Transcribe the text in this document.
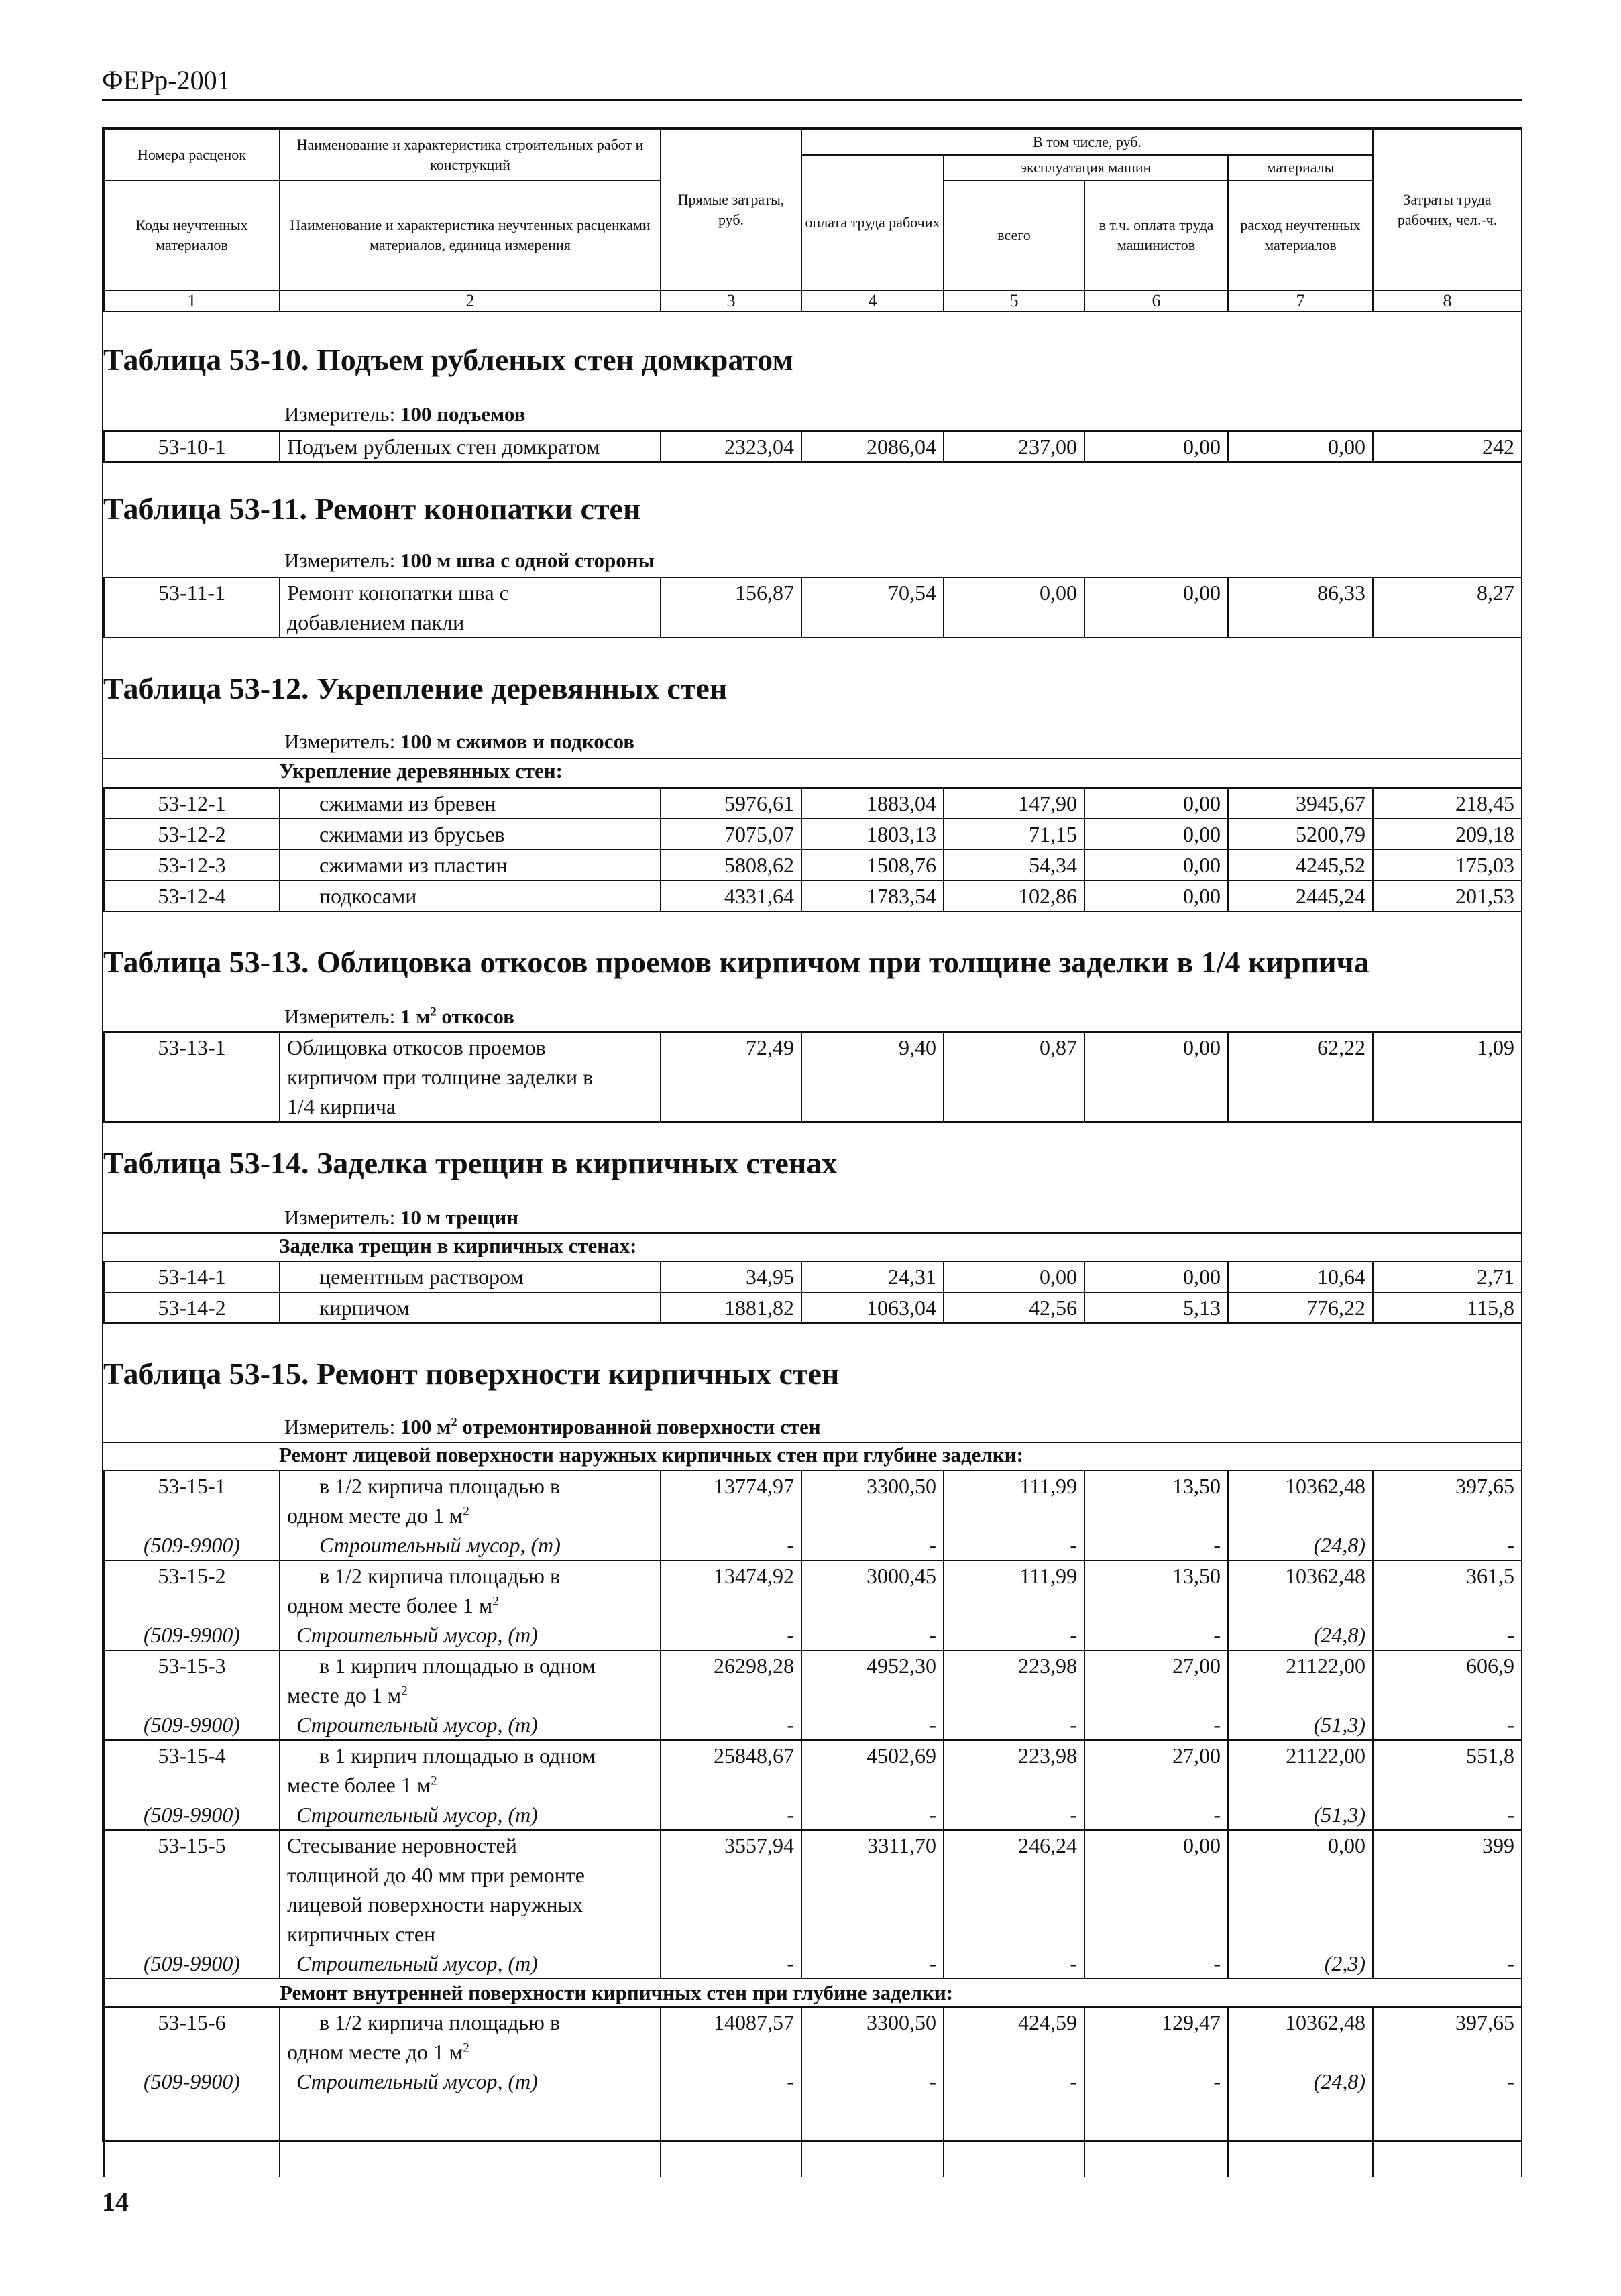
ФЕРр-2001
Номера расценок	Наименование и характеристика строительных работ и конструкций	Прямые затраты, руб.	В том числе, руб.				Затраты труда рабочих, чел.-ч.
			оплата труда рабочих	эксплуатация машин		материалы	
Коды неучтенных материалов	Наименование и характеристика неучтенных расценками материалов, единица измерения			всего	в т.ч. оплата труда машинистов	расход неучтенных материалов	

1	2	3	4	5	6	7	8
Таблица 53-10. Подъем рубленых стен домкратом
Измеритель: 100 подъемов
53-10-1	Подъем рубленых стен домкратом	2323,04	2086,04	237,00	0,00	0,00	242
Таблица 53-11. Ремонт конопатки стен
Измеритель: 100 м шва с одной стороны
53-11-1	Ремонт конопатки шва с	156,87	70,54	0,00	0,00	86,33	8,27
	добавлением пакли						
Таблица 53-12. Укрепление деревянных стен
Измеритель: 100 м сжимов и подкосов
Укрепление деревянных стен:
53-12-1	сжимами из бревен	5976,61	1883,04	147,90	0,00	3945,67	218,45
53-12-2	сжимами из брусьев	7075,07	1803,13	71,15	0,00	5200,79	209,18
53-12-3	сжимами из пластин	5808,62	1508,76	54,34	0,00	4245,52	175,03
53-12-4	подкосами	4331,64	1783,54	102,86	0,00	2445,24	201,53
Таблица 53-13. Облицовка откосов проемов кирпичом при толщине заделки в 1/4 кирпича
Измеритель: 1 $м^2$ откосов
53-13-1	Облицовка откосов проемов	72,49	9,40	0,87	0,00	62,22	1,09
	кирпичом при толщине заделки в						
	1/4 кирпича						
Таблица 53-14. Заделка трещин в кирпичных стенах
Измеритель: 10 м трещин
Заделка трещин в кирпичных стенах:
53-14-1	цементным раствором	34,95	24,31	0,00	0,00	10,64	2,71
53-14-2	кирпичом	1881,82	1063,04	42,56	5,13	776,22	115,8
Таблица 53-15. Ремонт поверхности кирпичных стен
Измеритель: 100 $м^2$ отремонтированной поверхности стен
Ремонт лицевой поверхности наружных кирпичных стен при глубине заделки:
53-15-1	в 1/2 кирпича площадью в	13774,97	3300,50	111,99	13,50	10362,48	397,65
	одном месте до 1 $м^2$						
(509-9900)	Строительный мусор, (т)	-	-	-	-	(24,8)	-
53-15-2	в 1/2 кирпича площадью в	13474,92	3000,45	111,99	13,50	10362,48	361,5
	одном месте более 1 $м^2$						
(509-9900)	Строительный мусор, (т)	-	-	-	-	(24,8)	-
53-15-3	в 1 кирпич площадью в одном	26298,28	4952,30	223,98	27,00	21122,00	606,9
	месте до 1 $м^2$						
(509-9900)	Строительный мусор, (т)	-	-	-	-	(51,3)	-
53-15-4	в 1 кирпич площадью в одном	25848,67	4502,69	223,98	27,00	21122,00	551,8
	месте более 1 $м^2$						
(509-9900)	Строительный мусор, (т)	-	-	-	-	(51,3)	-
53-15-5	Стесывание неровностей	3557,94	3311,70	246,24	0,00	0,00	399
	толщиной до 40 мм при ремонте						
	лицевой поверхности наружных						
	кирпичных стен						
(509-9900)	Строительный мусор, (т)	-	-	-	-	(2,3)	-
	Ремонт внутренней поверхности кирпичных стен при глубине заделки:						
53-15-6	в 1/2 кирпича площадью в	14087,57	3300,50	424,59	129,47	10362,48	397,65
	одном месте до 1 $м^2$						
(509-9900)	Строительный мусор, (т)	-	-	-	-	(24,8)	-

14
